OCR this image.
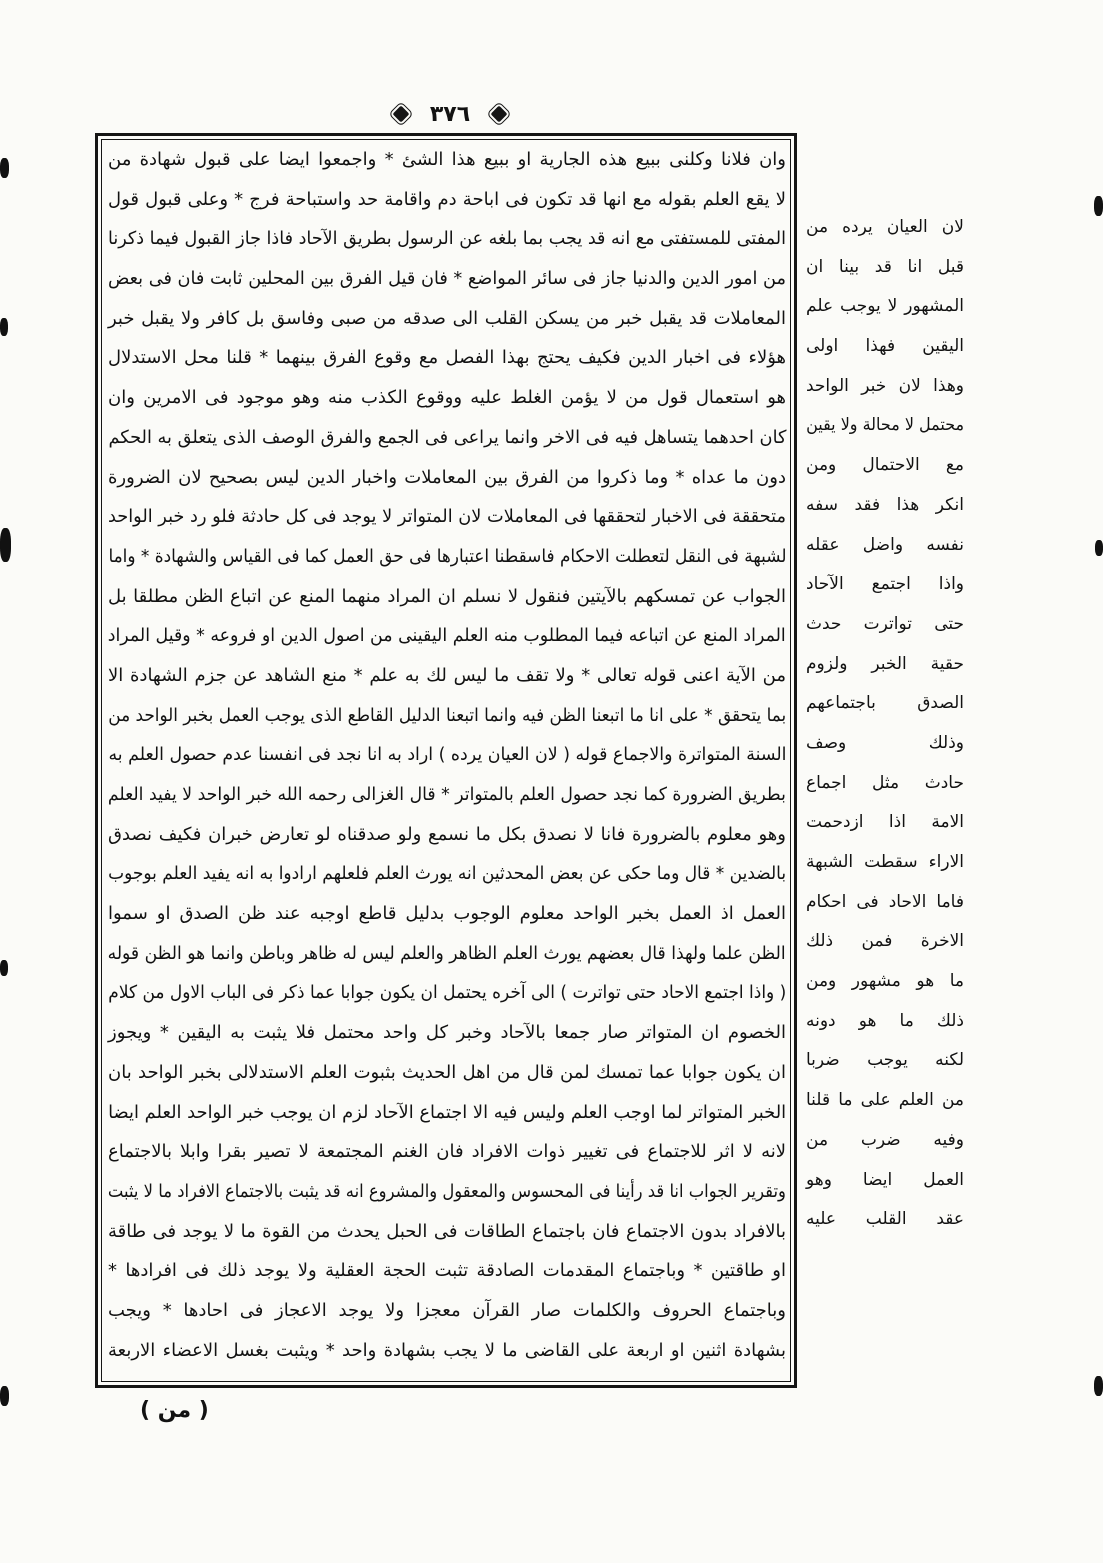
٣٧٦
وان فلانا وكلنى ببيع هذه الجارية او ببيع هذا الشئ * واجمعوا ايضا على قبول شهادة من
لا يقع العلم بقوله مع انها قد تكون فى اباحة دم واقامة حد واستباحة فرج * وعلى قبول قول
المفتى للمستفتى مع انه قد يجب بما بلغه عن الرسول بطريق الآحاد فاذا جاز القبول فيما ذكرنا
من امور الدين والدنيا جاز فى سائر المواضع * فان قيل الفرق بين المحلين ثابت فان فى بعض
المعاملات قد يقبل خبر من يسكن القلب الى صدقه من صبى وفاسق بل كافر ولا يقبل خبر
هؤلاء فى اخبار الدين فكيف يحتج بهذا الفصل مع وقوع الفرق بينهما * قلنا محل الاستدلال
هو استعمال قول من لا يؤمن الغلط عليه ووقوع الكذب منه وهو موجود فى الامرين وان
كان احدهما يتساهل فيه فى الاخر وانما يراعى فى الجمع والفرق الوصف الذى يتعلق به الحكم
دون ما عداه * وما ذكروا من الفرق بين المعاملات واخبار الدين ليس بصحيح لان الضرورة
متحققة فى الاخبار لتحققها فى المعاملات لان المتواتر لا يوجد فى كل حادثة فلو رد خبر الواحد
لشبهة فى النقل لتعطلت الاحكام فاسقطنا اعتبارها فى حق العمل كما فى القياس والشهادة * واما
الجواب عن تمسكهم بالآيتين فنقول لا نسلم ان المراد منهما المنع عن اتباع الظن مطلقا بل
المراد المنع عن اتباعه فيما المطلوب منه العلم اليقينى من اصول الدين او فروعه * وقيل المراد
من الآية اعنى قوله تعالى * ولا تقف ما ليس لك به علم * منع الشاهد عن جزم الشهادة الا
بما يتحقق * على انا ما اتبعنا الظن فيه وانما اتبعنا الدليل القاطع الذى يوجب العمل بخبر الواحد من
السنة المتواترة والاجماع قوله ( لان العيان يرده ) اراد به انا نجد فى انفسنا عدم حصول العلم به
بطريق الضرورة كما نجد حصول العلم بالمتواتر * قال الغزالى رحمه الله خبر الواحد لا يفيد العلم
وهو معلوم بالضرورة فانا لا نصدق بكل ما نسمع ولو صدقناه لو تعارض خبران فكيف نصدق
بالضدين * قال وما حكى عن بعض المحدثين انه يورث العلم فلعلهم ارادوا به انه يفيد العلم بوجوب
العمل اذ العمل بخبر الواحد معلوم الوجوب بدليل قاطع اوجبه عند ظن الصدق او سموا
الظن علما ولهذا قال بعضهم يورث العلم الظاهر والعلم ليس له ظاهر وباطن وانما هو الظن قوله
( واذا اجتمع الاحاد حتى تواترت ) الى آخره يحتمل ان يكون جوابا عما ذكر فى الباب الاول من كلام
الخصوم ان المتواتر صار جمعا بالآحاد وخبر كل واحد محتمل فلا يثبت به اليقين * ويجوز
ان يكون جوابا عما تمسك لمن قال من اهل الحديث بثبوت العلم الاستدلالى بخبر الواحد بان
الخبر المتواتر لما اوجب العلم وليس فيه الا اجتماع الآحاد لزم ان يوجب خبر الواحد العلم ايضا
لانه لا اثر للاجتماع فى تغيير ذوات الافراد فان الغنم المجتمعة لا تصير بقرا وابلا بالاجتماع
وتقرير الجواب انا قد رأينا فى المحسوس والمعقول والمشروع انه قد يثبت بالاجتماع الافراد ما لا يثبت
بالافراد بدون الاجتماع فان باجتماع الطاقات فى الحبل يحدث من القوة ما لا يوجد فى طاقة
او طاقتين * وباجتماع المقدمات الصادقة تثبت الحجة العقلية ولا يوجد ذلك فى افرادها *
وباجتماع الحروف والكلمات صار القرآن معجزا ولا يوجد الاعجاز فى احادها * ويجب
بشهادة اثنين او اربعة على القاضى ما لا يجب بشهادة واحد * ويثبت بغسل الاعضاء الاربعة
لان العيان يرده من
قبل انا قد بينا ان
المشهور لا يوجب علم
اليقين فهذا اولى
وهذا لان خبر الواحد
محتمل لا محالة ولا يقين
مع الاحتمال ومن
انكر هذا فقد سفه
نفسه واضل عقله
واذا اجتمع الآحاد
حتى تواترت حدث
حقية الخبر ولزوم
الصدق باجتماعهم
وذلك وصف
حادث مثل اجماع
الامة اذا ازدحمت
الاراء سقطت الشبهة
فاما الاحاد فى احكام
الاخرة فمن ذلك
ما هو مشهور ومن
ذلك ما هو دونه
لكنه يوجب ضربا
من العلم على ما قلنا
وفيه ضرب من
العمل ايضا وهو
عقد القلب عليه
( من )
